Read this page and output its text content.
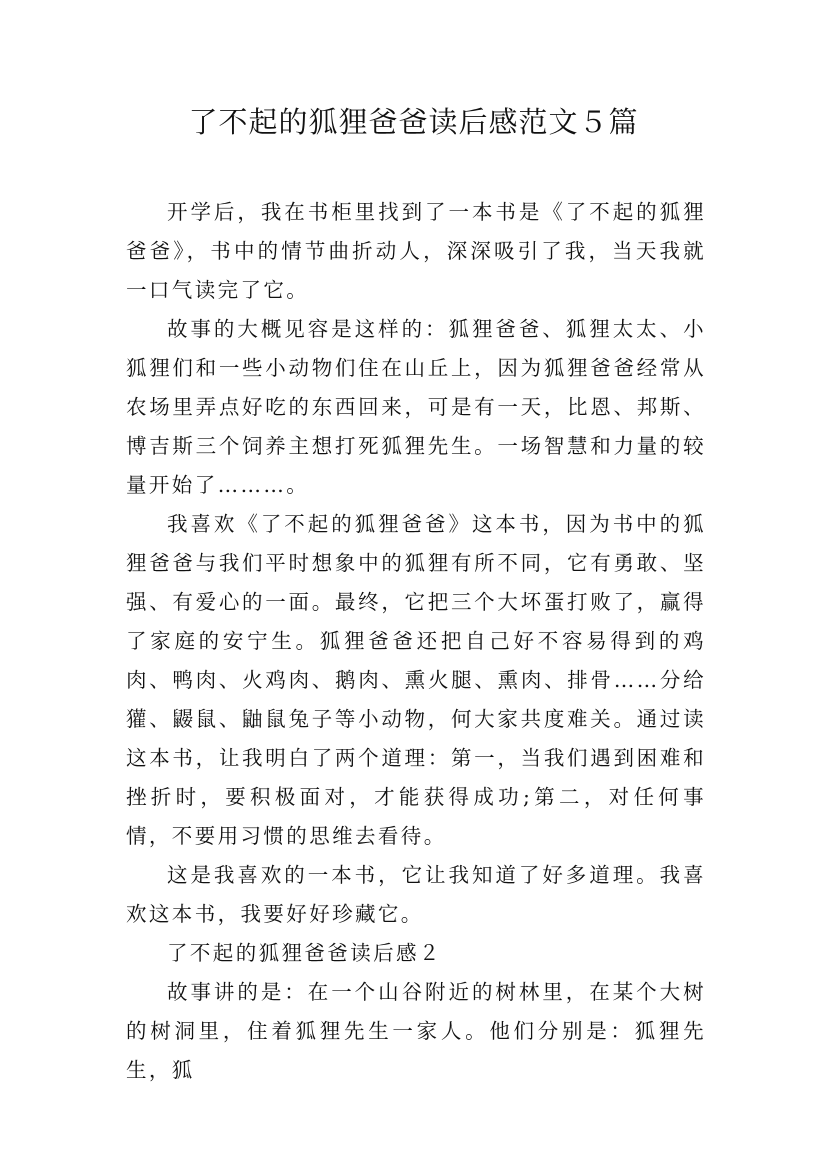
了不起的狐狸爸爸读后感范文５篇

开学后，我在书柜里找到了一本书是《了不起的狐狸爸爸》，书中的情节曲折动人，深深吸引了我，当天我就一口气读完了它。

故事的大概见容是这样的：狐狸爸爸、狐狸太太、小狐狸们和一些小动物们住在山丘上，因为狐狸爸爸经常从农场里弄点好吃的东西回来，可是有一天，比恩、邦斯、博吉斯三个饲养主想打死狐狸先生。一场智慧和力量的较量开始了………。

我喜欢《了不起的狐狸爸爸》这本书，因为书中的狐狸爸爸与我们平时想象中的狐狸有所不同，它有勇敢、坚强、有爱心的一面。最终，它把三个大坏蛋打败了，赢得了家庭的安宁生。狐狸爸爸还把自己好不容易得到的鸡肉、鸭肉、火鸡肉、鹅肉、熏火腿、熏肉、排骨……分给獾、鼹鼠、鼬鼠兔子等小动物，何大家共度难关。通过读这本书，让我明白了两个道理：第一，当我们遇到困难和挫折时，要积极面对，才能获得成功;第二，对任何事情，不要用习惯的思维去看待。

这是我喜欢的一本书，它让我知道了好多道理。我喜欢这本书，我要好好珍藏它。

了不起的狐狸爸爸读后感２

故事讲的是：在一个山谷附近的树林里，在某个大树的树洞里，住着狐狸先生一家人。他们分别是：狐狸先生，狐
